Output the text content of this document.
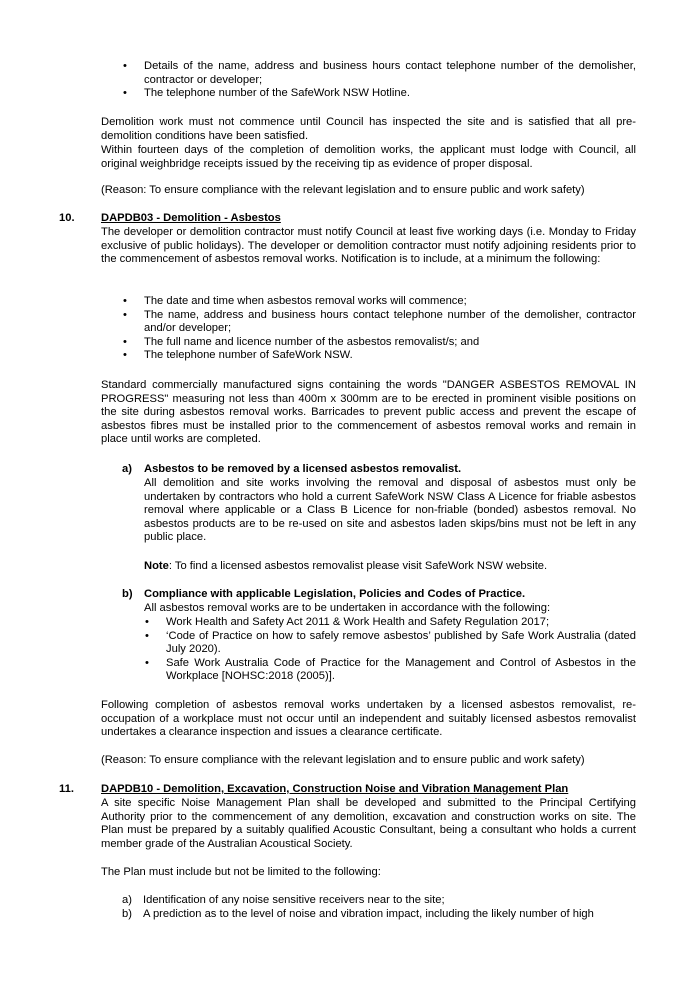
• Details of the name, address and business hours contact telephone number of the demolisher, contractor or developer;
• The telephone number of the SafeWork NSW Hotline.

Demolition work must not commence until Council has inspected the site and is satisfied that all pre-demolition conditions have been satisfied.

Within fourteen days of the completion of demolition works, the applicant must lodge with Council, all original weighbridge receipts issued by the receiving tip as evidence of proper disposal.

(Reason: To ensure compliance with the relevant legislation and to ensure public and work safety)

10. DAPDB03 - Demolition - Asbestos

The developer or demolition contractor must notify Council at least five working days (i.e. Monday to Friday exclusive of public holidays). The developer or demolition contractor must notify adjoining residents prior to the commencement of asbestos removal works. Notification is to include, at a minimum the following:

• The date and time when asbestos removal works will commence;
• The name, address and business hours contact telephone number of the demolisher, contractor and/or developer;
• The full name and licence number of the asbestos removalist/s; and
• The telephone number of SafeWork NSW.

Standard commercially manufactured signs containing the words "DANGER ASBESTOS REMOVAL IN PROGRESS" measuring not less than 400m x 300mm are to be erected in prominent visible positions on the site during asbestos removal works. Barricades to prevent public access and prevent the escape of asbestos fibres must be installed prior to the commencement of asbestos removal works and remain in place until works are completed.

a) Asbestos to be removed by a licensed asbestos removalist.

All demolition and site works involving the removal and disposal of asbestos must only be undertaken by contractors who hold a current SafeWork NSW Class A Licence for friable asbestos removal where applicable or a Class B Licence for non-friable (bonded) asbestos removal. No asbestos products are to be re-used on site and asbestos laden skips/bins must not be left in any public place.

Note: To find a licensed asbestos removalist please visit SafeWork NSW website.

b) Compliance with applicable Legislation, Policies and Codes of Practice.

All asbestos removal works are to be undertaken in accordance with the following:

• Work Health and Safety Act 2011 & Work Health and Safety Regulation 2017;
• ‘Code of Practice on how to safely remove asbestos’ published by Safe Work Australia (dated July 2020).
• Safe Work Australia Code of Practice for the Management and Control of Asbestos in the Workplace [NOHSC:2018 (2005)].

Following completion of asbestos removal works undertaken by a licensed asbestos removalist, re-occupation of a workplace must not occur until an independent and suitably licensed asbestos removalist undertakes a clearance inspection and issues a clearance certificate.

(Reason: To ensure compliance with the relevant legislation and to ensure public and work safety)

11. DAPDB10 - Demolition, Excavation, Construction Noise and Vibration Management Plan

A site specific Noise Management Plan shall be developed and submitted to the Principal Certifying Authority prior to the commencement of any demolition, excavation and construction works on site. The Plan must be prepared by a suitably qualified Acoustic Consultant, being a consultant who holds a current member grade of the Australian Acoustical Society.

The Plan must include but not be limited to the following:

a) Identification of any noise sensitive receivers near to the site;
b) A prediction as to the level of noise and vibration impact, including the likely number of high
